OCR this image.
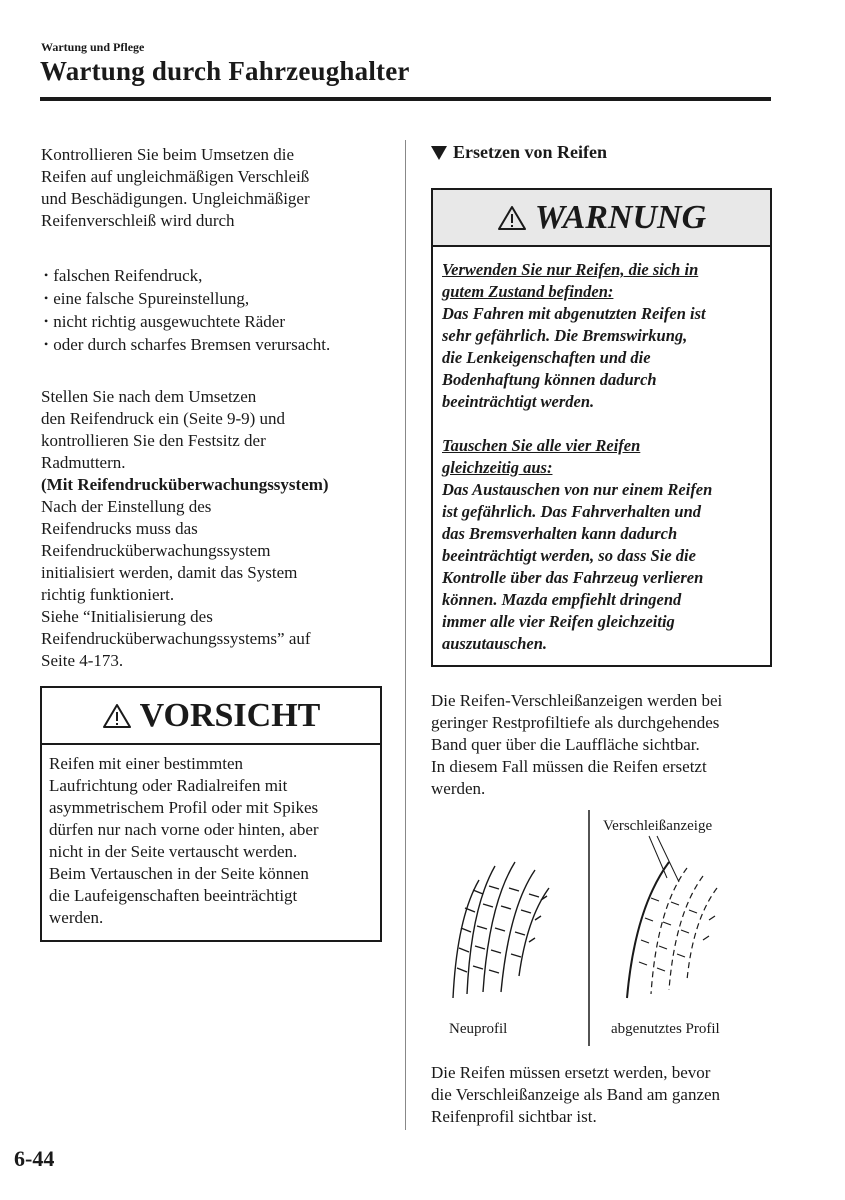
Wartung und Pflege
Wartung durch Fahrzeughalter

Kontrollieren Sie beim Umsetzen die

Reifen auf ungleichmäßigen Verschleiß

und Beschädigungen. Ungleichmäßiger

Reifenverschleiß wird durch

• falschen Reifendruck,
• eine falsche Spureinstellung,
• nicht richtig ausgewuchtete Räder
• oder durch scharfes Bremsen verursacht.

Stellen Sie nach dem Umsetzen

den Reifendruck ein (Seite 9-9) und

kontrollieren Sie den Festsitz der

Radmuttern.

(Mit Reifendrucküberwachungssystem)

Nach der Einstellung des

Reifendrucks muss das

Reifendrucküberwachungssystem

initialisiert werden, damit das System

richtig funktioniert.

Siehe “Initialisierung des

Reifendrucküberwachungssystems” auf

Seite 4-173.

VORSICHT

Reifen mit einer bestimmten

Laufrichtung oder Radialreifen mit

asymmetrischem Profil oder mit Spikes

dürfen nur nach vorne oder hinten, aber

nicht in der Seite vertauscht werden.

Beim Vertauschen in der Seite können

die Laufeigenschaften beeinträchtigt

werden.

Ersetzen von Reifen
WARNUNG

Verwenden Sie nur Reifen, die sich in

gutem Zustand befinden:

Das Fahren mit abgenutzten Reifen ist

sehr gefährlich. Die Bremswirkung,

die Lenkeigenschaften und die

Bodenhaftung können dadurch

beeinträchtigt werden.

Tauschen Sie alle vier Reifen

gleichzeitig aus:

Das Austauschen von nur einem Reifen

ist gefährlich. Das Fahrverhalten und

das Bremsverhalten kann dadurch

beeinträchtigt werden, so dass Sie die

Kontrolle über das Fahrzeug verlieren

können. Mazda empfiehlt dringend

immer alle vier Reifen gleichzeitig

auszutauschen.

Die Reifen-Verschleißanzeigen werden bei

geringer Restprofiltiefe als durchgehendes

Band quer über die Lauffläche sichtbar.

In diesem Fall müssen die Reifen ersetzt

werden.

Verschleißanzeige
Neuprofil	abgenutztes Profil

Die Reifen müssen ersetzt werden, bevor

die Verschleißanzeige als Band am ganzen

Reifenprofil sichtbar ist.

6-44
